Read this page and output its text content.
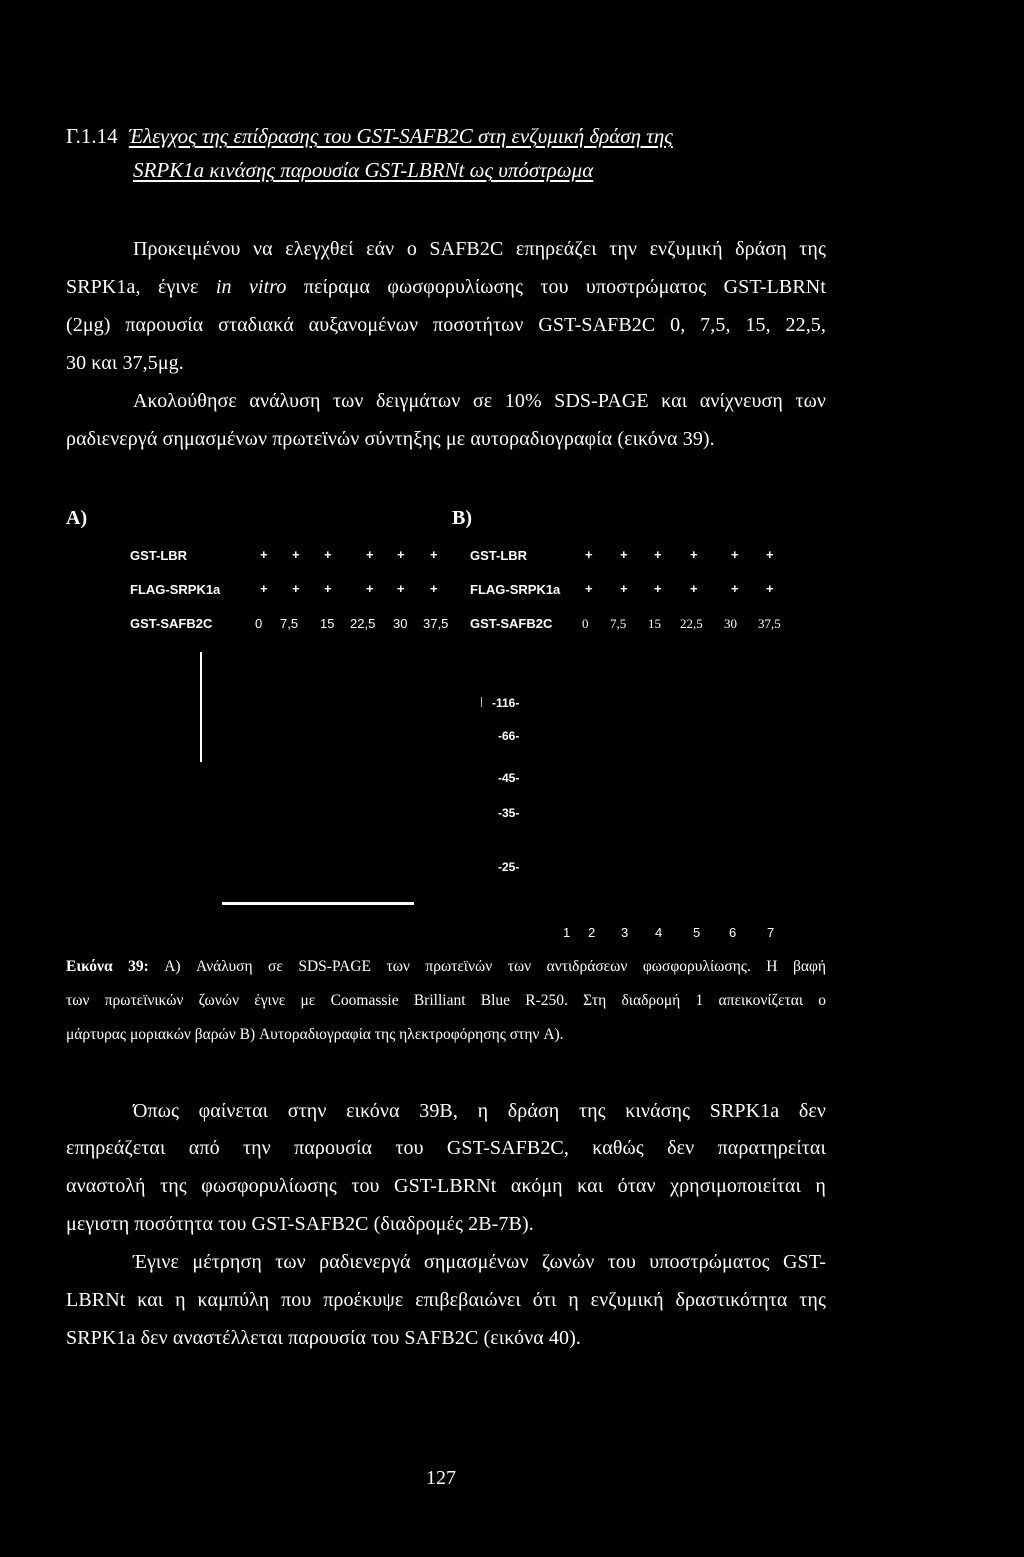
Γ.1.14 Έλεγχος της επίδρασης του GST-SAFB2C στη ενζυμική δράση της
SRPK1a κινάσης παρουσία GST-LBRNt ως υπόστρωμα
Προκειμένου να ελεγχθεί εάν ο SAFB2C επηρεάζει την ενζυμική δράση της
SRPK1a, έγινε in vitro πείραμα φωσφορυλίωσης του υποστρώματος GST-LBRNt
(2μg) παρουσία σταδιακά αυξανομένων ποσοτήτων GST-SAFB2C 0, 7,5, 15, 22,5,
30 και 37,5μg.
Ακολούθησε ανάλυση των δειγμάτων σε 10% SDS-PAGE και ανίχνευση των
ραδιενεργά σημασμένων πρωτεϊνών σύντηξης με αυτοραδιογραφία (εικόνα 39).
A)	B)
GST-LBR	+ + +	+ + + GST-LBR	+ + + +	+ +
FLAG-SRPK1a	+ + +	+ + + FLAG-SRPK1a + + + +	+ +
GST-SAFB2C	0 7,5 15 22,5 30 37,5 GST-SAFB2C 0 7,5 15 22,5 30 37,5
-116-
-66-
-45-
-35-
-25-
1 2 3 4 5 6 7
Εικόνα 39: A) Ανάλυση σε SDS-PAGE των πρωτεϊνών των αντιδράσεων φωσφορυλίωσης. Η βαφή
των πρωτεϊνικών ζωνών έγινε με Coomassie Brilliant Blue R-250. Στη διαδρομή 1 απεικονίζεται ο
μάρτυρας μοριακών βαρών B) Αυτοραδιογραφία της ηλεκτροφόρησης στην A).
Όπως φαίνεται στην εικόνα 39B, η δράση της κινάσης SRPK1a δεν
επηρεάζεται από την παρουσία του GST-SAFB2C, καθώς δεν παρατηρείται
αναστολή της φωσφορυλίωσης του GST-LBRNt ακόμη και όταν χρησιμοποιείται η
μεγιστη ποσότητα του GST-SAFB2C (διαδρομές 2B-7B).
Έγινε μέτρηση των ραδιενεργά σημασμένων ζωνών του υποστρώματος GST-
LBRNt και η καμπύλη που προέκυψε επιβεβαιώνει ότι η ενζυμική δραστικότητα της
SRPK1a δεν αναστέλλεται παρουσία του SAFB2C (εικόνα 40).
127
